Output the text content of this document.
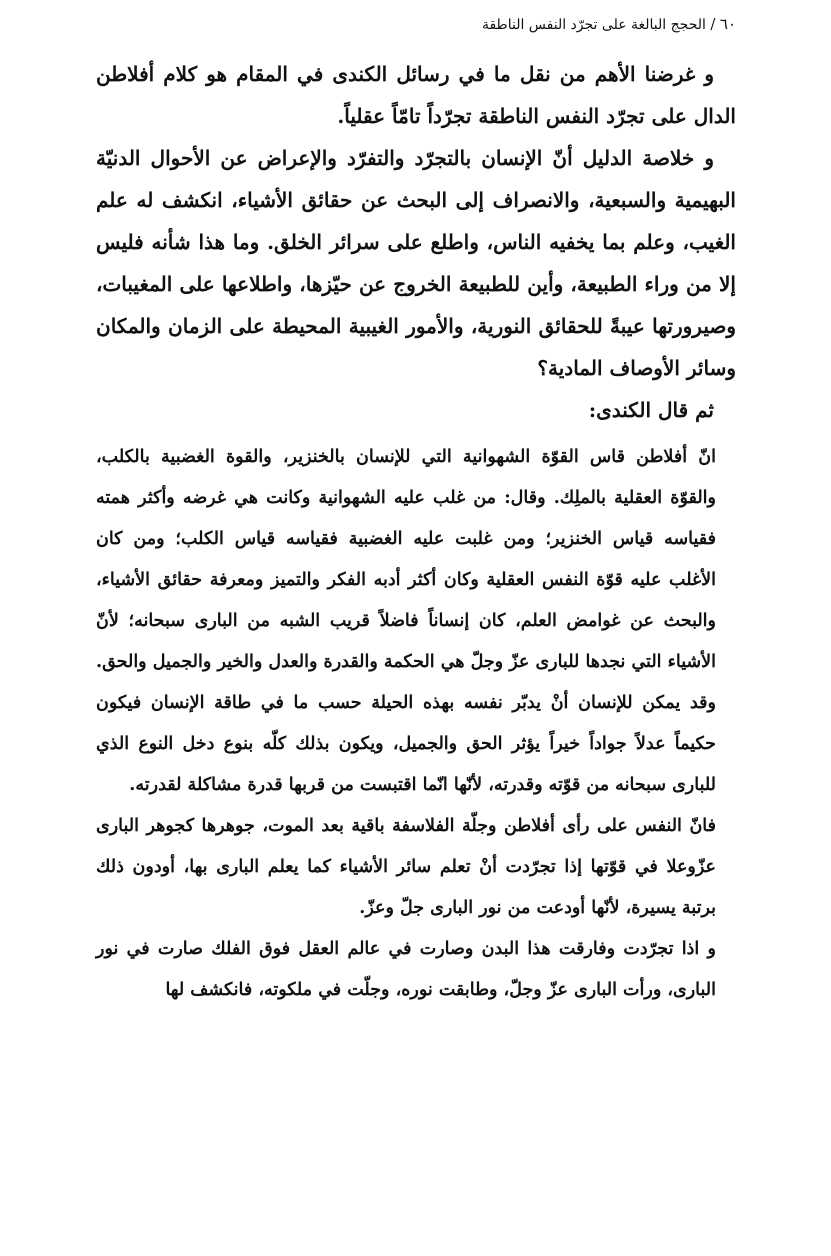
٦٠ / الحجج البالغة على تجرّد النفس الناطقة

و غرضنا الأهم من نقل ما في رسائل الكندی في المقام هو كلام أفلاطن الدال على تجرّد النفس الناطقة تجرّداً تامّاً عقلياً.

و خلاصة الدليل أنّ الإنسان بالتجرّد والتفرّد والإعراض عن الأحوال الدنيّة البهيمية والسبعية، والانصراف إلى البحث عن حقائق الأشياء، انكشف له علم الغيب، وعلم بما يخفيه الناس، واطلع على سرائر الخلق. وما هذا شأنه فليس إلا من وراء الطبيعة، وأين للطبيعة الخروج عن حيّزها، واطلاعها على المغيبات، وصيرورتها عيبةً للحقائق النورية، والأمور الغيبية المحيطة على الزمان والمكان وسائر الأوصاف المادية؟

ثم قال الكندی:

انّ أفلاطن قاس القوّة الشهوانية التي للإنسان بالخنزير، والقوة الغضبية بالكلب، والقوّة العقلية بالملِك. وقال: من غلب عليه الشهوانية وكانت هي غرضه وأكثر همته فقياسه قياس الخنزير؛ ومن غلبت عليه الغضبية فقياسه قياس الكلب؛ ومن كان الأغلب عليه قوّة النفس العقلية وكان أكثر أدبه الفكر والتميز ومعرفة حقائق الأشياء، والبحث عن غوامض العلم، كان إنساناً فاضلاً قريب الشبه من الباری سبحانه؛ لأنّ الأشياء التي نجدها للباری عزّ وجلّ هي الحكمة والقدرة والعدل والخير والجميل والحق. وقد يمكن للإنسان أنْ يدبّر نفسه بهذه الحيلة حسب ما في طاقة الإنسان فيكون حكيماً عدلاً جواداً خيراً يؤثر الحق والجميل، ويكون بذلك كلّه بنوع دخل النوع الذي للباری سبحانه من قوّته وقدرته، لأنّها انّما اقتبست من قربها قدرة مشاكلة لقدرته.

فانّ النفس على رأى أفلاطن وجلّة الفلاسفة باقية بعد الموت، جوهرها كجوهر الباری عزّوعلا في قوّتها إذا تجرّدت أنْ تعلم سائر الأشياء كما يعلم الباری بها، أودون ذلك برتبة يسيرة، لأنّها أودعت من نور الباری جلّ وعزّ.

و اذا تجرّدت وفارقت هذا البدن وصارت في عالم العقل فوق الفلك صارت في نور الباری، ورأت الباری عزّ وجلّ، وطابقت نوره، وجلّت في ملكوته، فانكشف لها
